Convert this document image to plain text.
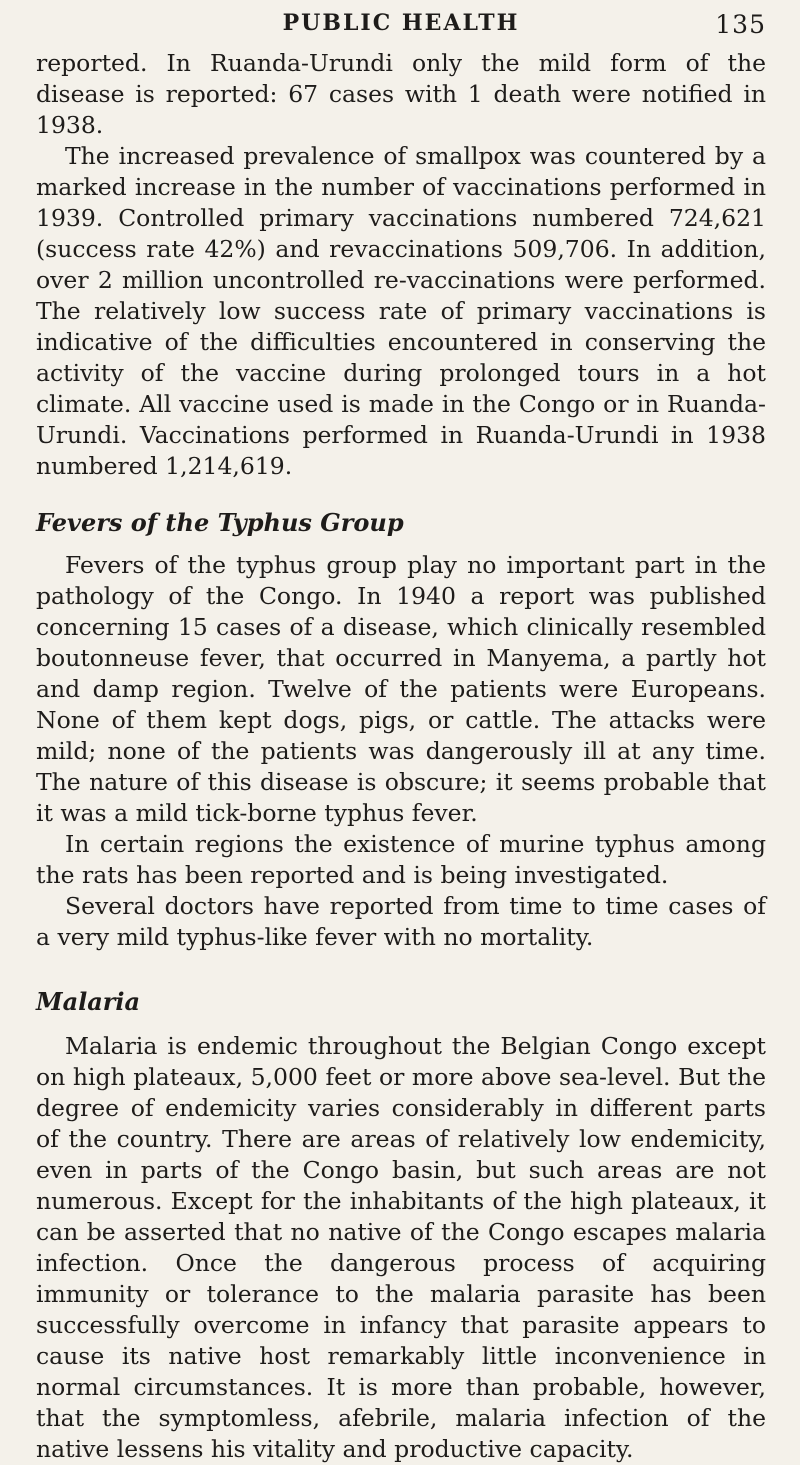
PUBLIC HEALTH	135

reported. In Ruanda-Urundi only the mild form of the disease is reported: 67 cases with 1 death were notified in 1938.

The increased prevalence of smallpox was countered by a marked increase in the number of vaccinations performed in 1939. Controlled primary vaccinations numbered 724,621 (success rate 42%) and revaccinations 509,706. In addition, over 2 million uncontrolled re-vaccinations were performed. The relatively low success rate of primary vaccinations is indicative of the difficulties encountered in conserving the activity of the vaccine during prolonged tours in a hot climate. All vaccine used is made in the Congo or in Ruanda-Urundi. Vaccinations performed in Ruanda-Urundi in 1938 numbered 1,214,619.

Fevers of the Typhus Group

Fevers of the typhus group play no important part in the pathology of the Congo. In 1940 a report was published concerning 15 cases of a disease, which clinically resembled boutonneuse fever, that occurred in Manyema, a partly hot and damp region. Twelve of the patients were Europeans. None of them kept dogs, pigs, or cattle. The attacks were mild; none of the patients was dangerously ill at any time. The nature of this disease is obscure; it seems probable that it was a mild tick-borne typhus fever.

In certain regions the existence of murine typhus among the rats has been reported and is being investigated.

Several doctors have reported from time to time cases of a very mild typhus-like fever with no mortality.

Malaria

Malaria is endemic throughout the Belgian Congo except on high plateaux, 5,000 feet or more above sea-level. But the degree of endemicity varies considerably in different parts of the country. There are areas of relatively low endemicity, even in parts of the Congo basin, but such areas are not numerous. Except for the inhabitants of the high plateaux, it can be asserted that no native of the Congo escapes malaria infection. Once the dangerous process of acquiring immunity or tolerance to the malaria parasite has been successfully overcome in infancy that parasite appears to cause its native host remarkably little inconvenience in normal circumstances. It is more than probable, however, that the symptomless, afebrile, malaria infection of the native lessens his vitality and productive capacity.
